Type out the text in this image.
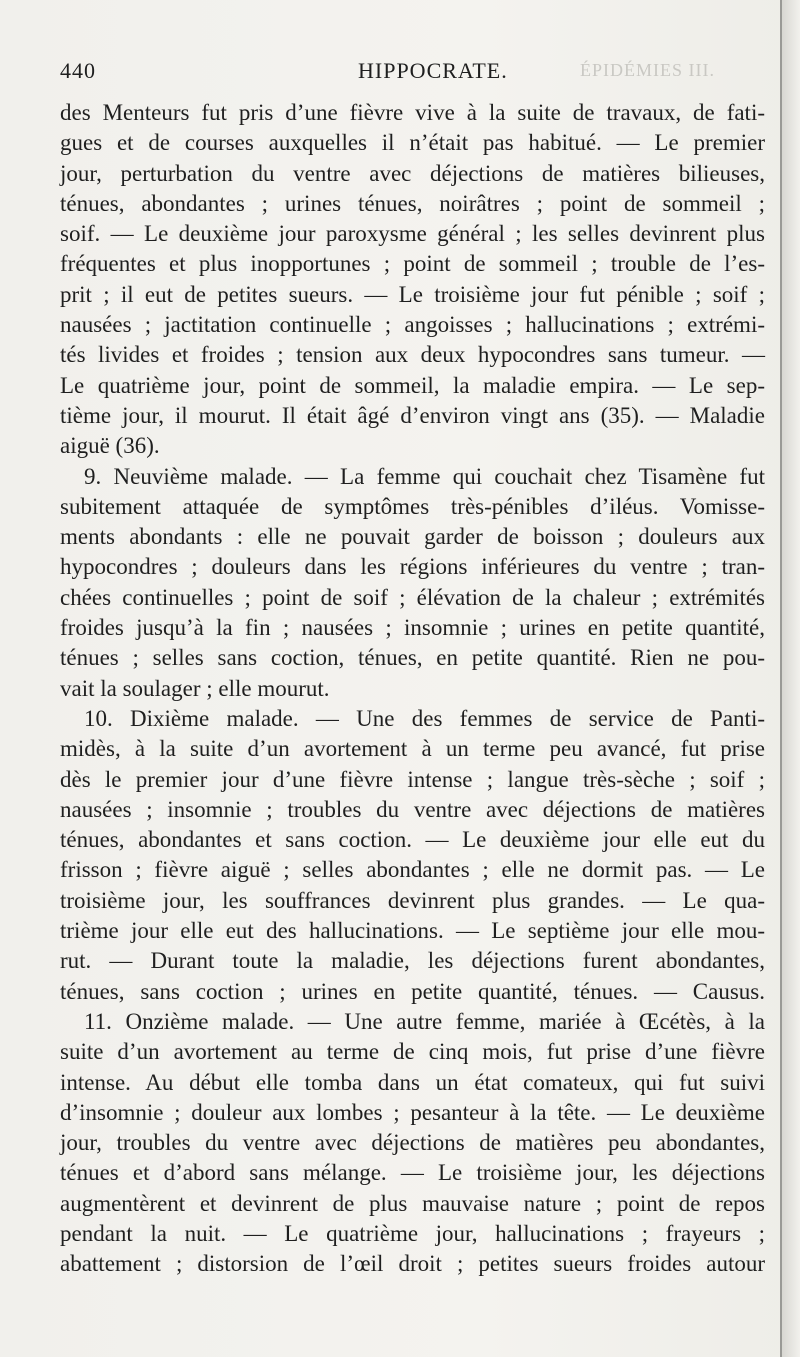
440	HIPPOCRATE.	ÉPIDÉMIES III.
des Menteurs fut pris d’une fièvre vive à la suite de travaux, de fati-
gues et de courses auxquelles il n’était pas habitué. — Le premier
jour, perturbation du ventre avec déjections de matières bilieuses,
ténues, abondantes ; urines ténues, noirâtres ; point de sommeil ;
soif. — Le deuxième jour paroxysme général ; les selles devinrent plus
fréquentes et plus inopportunes ; point de sommeil ; trouble de l’es-
prit ; il eut de petites sueurs. — Le troisième jour fut pénible ; soif ;
nausées ; jactitation continuelle ; angoisses ; hallucinations ; extrémi-
tés livides et froides ; tension aux deux hypocondres sans tumeur. —
Le quatrième jour, point de sommeil, la maladie empira. — Le sep-
tième jour, il mourut. Il était âgé d’environ vingt ans (35). — Maladie
aiguë (36).
9. Neuvième malade. — La femme qui couchait chez Tisamène fut
subitement attaquée de symptômes très-pénibles d’iléus. Vomisse-
ments abondants : elle ne pouvait garder de boisson ; douleurs aux
hypocondres ; douleurs dans les régions inférieures du ventre ; tran-
chées continuelles ; point de soif ; élévation de la chaleur ; extrémités
froides jusqu’à la fin ; nausées ; insomnie ; urines en petite quantité,
ténues ; selles sans coction, ténues, en petite quantité. Rien ne pou-
vait la soulager ; elle mourut.
10. Dixième malade. — Une des femmes de service de Panti-
midès, à la suite d’un avortement à un terme peu avancé, fut prise
dès le premier jour d’une fièvre intense ; langue très-sèche ; soif ;
nausées ; insomnie ; troubles du ventre avec déjections de matières
ténues, abondantes et sans coction. — Le deuxième jour elle eut du
frisson ; fièvre aiguë ; selles abondantes ; elle ne dormit pas. — Le
troisième jour, les souffrances devinrent plus grandes. — Le qua-
trième jour elle eut des hallucinations. — Le septième jour elle mou-
rut. — Durant toute la maladie, les déjections furent abondantes,
ténues, sans coction ; urines en petite quantité, ténues. — Causus.
11. Onzième malade. — Une autre femme, mariée à Œcétès, à la
suite d’un avortement au terme de cinq mois, fut prise d’une fièvre
intense. Au début elle tomba dans un état comateux, qui fut suivi
d’insomnie ; douleur aux lombes ; pesanteur à la tête. — Le deuxième
jour, troubles du ventre avec déjections de matières peu abondantes,
ténues et d’abord sans mélange. — Le troisième jour, les déjections
augmentèrent et devinrent de plus mauvaise nature ; point de repos
pendant la nuit. — Le quatrième jour, hallucinations ; frayeurs ;
abattement ; distorsion de l’œil droit ; petites sueurs froides autour
